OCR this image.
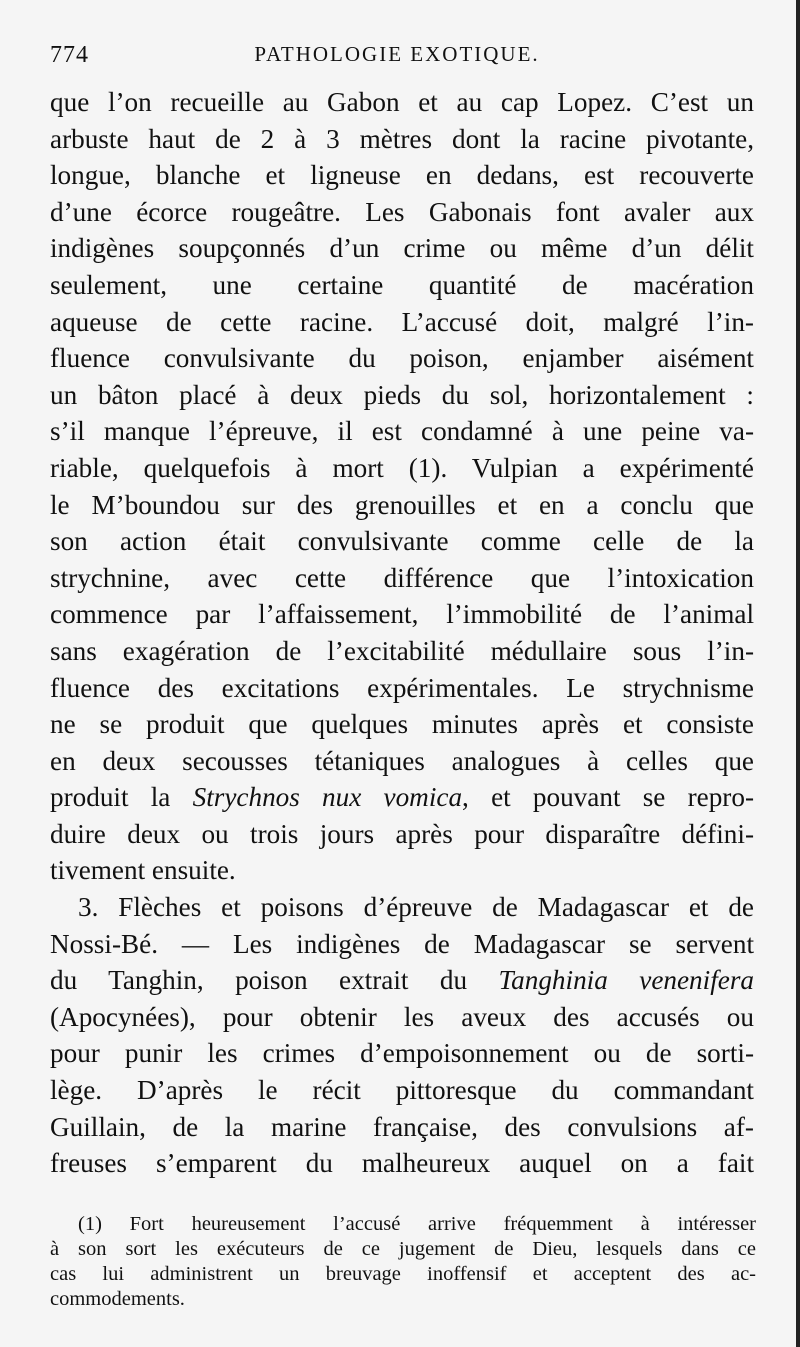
774	PATHOLOGIE EXOTIQUE.
que l’on recueille au Gabon et au cap Lopez. C’est un
arbuste haut de 2 à 3 mètres dont la racine pivotante,
longue, blanche et ligneuse en dedans, est recouverte
d’une écorce rougeâtre. Les Gabonais font avaler aux
indigènes soupçonnés d’un crime ou même d’un délit
seulement, une certaine quantité de macération
aqueuse de cette racine. L’accusé doit, malgré l’in-
fluence convulsivante du poison, enjamber aisément
un bâton placé à deux pieds du sol, horizontalement :
s’il manque l’épreuve, il est condamné à une peine va-
riable, quelquefois à mort (1). Vulpian a expérimenté
le M’boundou sur des grenouilles et en a conclu que
son action était convulsivante comme celle de la
strychnine, avec cette différence que l’intoxication
commence par l’affaissement, l’immobilité de l’animal
sans exagération de l’excitabilité médullaire sous l’in-
fluence des excitations expérimentales. Le strychnisme
ne se produit que quelques minutes après et consiste
en deux secousses tétaniques analogues à celles que
produit la Strychnos nux vomica, et pouvant se repro-
duire deux ou trois jours après pour disparaître défini-
tivement ensuite.
3. Flèches et poisons d’épreuve de Madagascar et de
Nossi-Bé. — Les indigènes de Madagascar se servent
du Tanghin, poison extrait du Tanghinia venenifera
(Apocynées), pour obtenir les aveux des accusés ou
pour punir les crimes d’empoisonnement ou de sorti-
lège. D’après le récit pittoresque du commandant
Guillain, de la marine française, des convulsions af-
freuses s’emparent du malheureux auquel on a fait
(1) Fort heureusement l’accusé arrive fréquemment à intéresser
à son sort les exécuteurs de ce jugement de Dieu, lesquels dans ce
cas lui administrent un breuvage inoffensif et acceptent des ac-
commodements.
